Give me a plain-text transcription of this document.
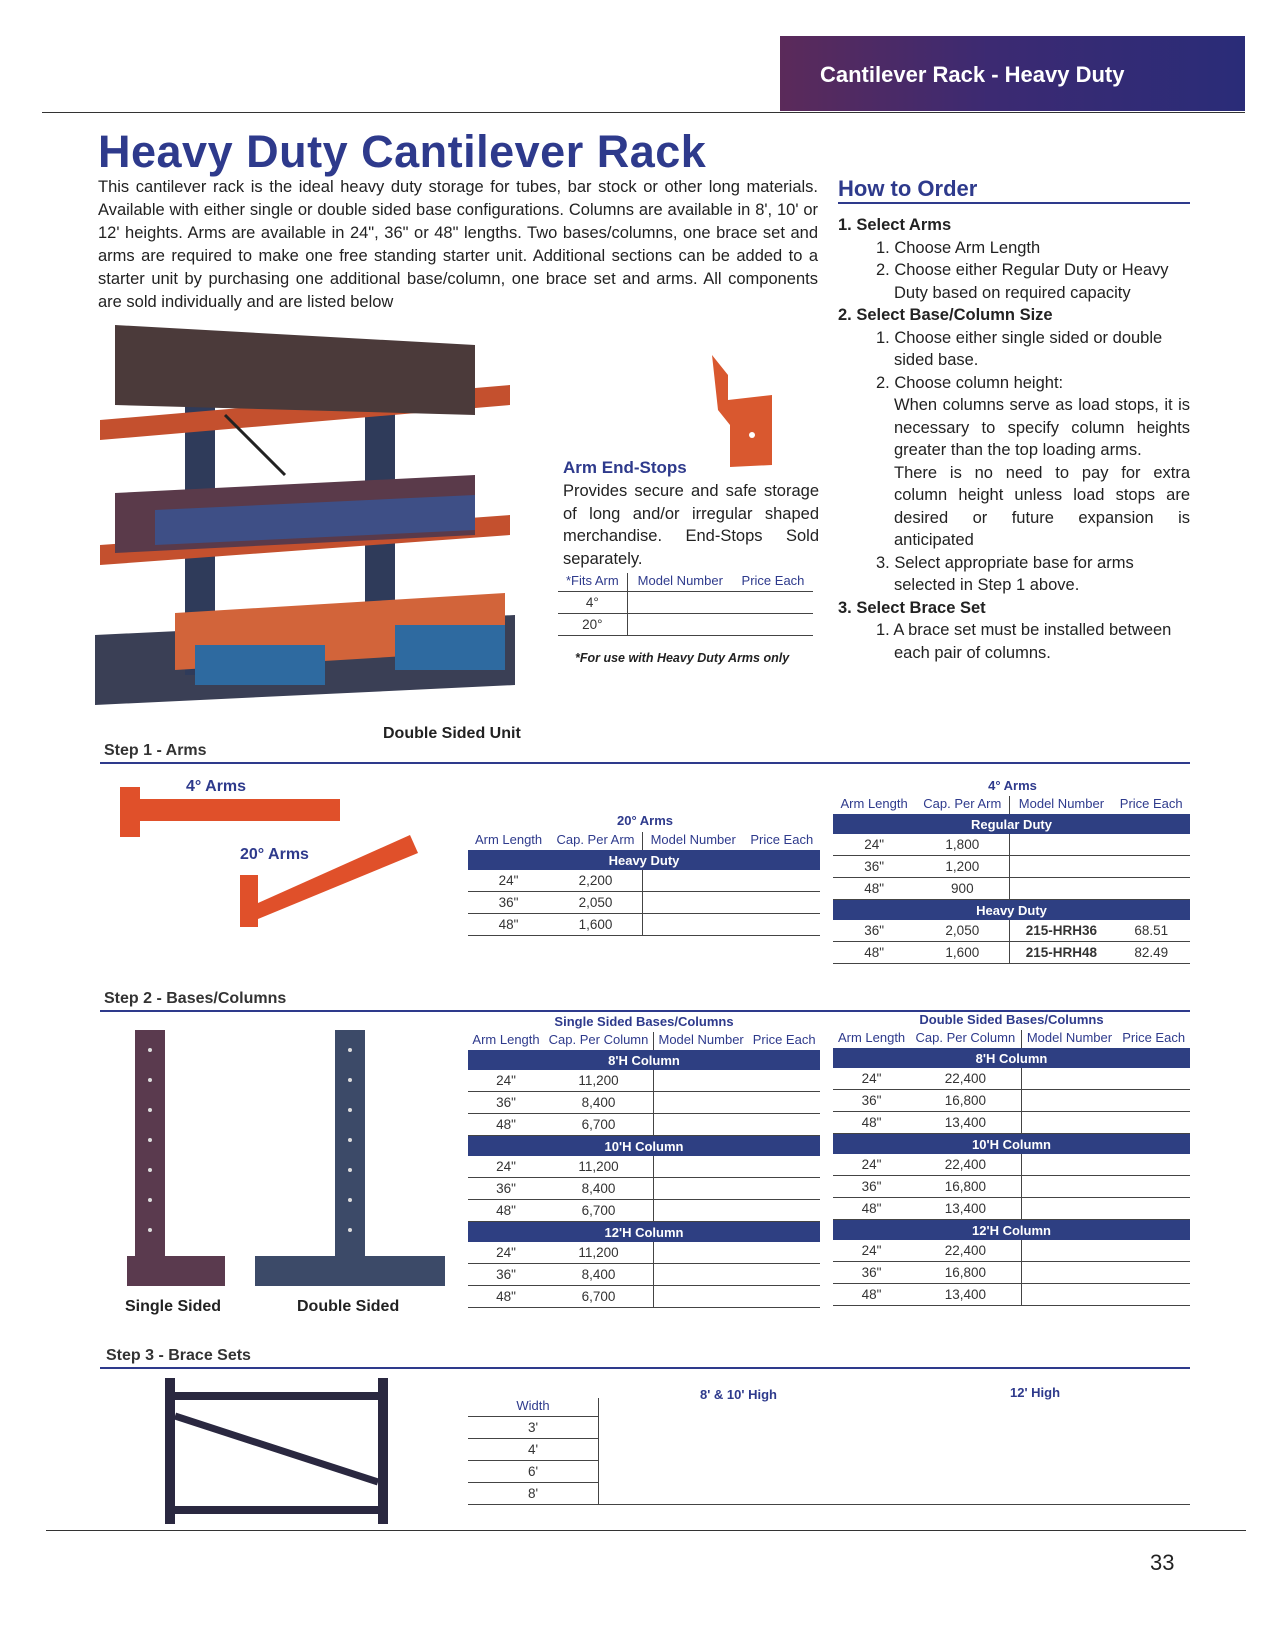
Cantilever Rack - Heavy Duty
Heavy Duty Cantilever Rack
This cantilever rack is the ideal heavy duty storage for tubes, bar stock or other long materials. Available with either single or double sided base configurations. Columns are available in 8', 10' or 12' heights. Arms are available in 24", 36" or 48" lengths. Two bases/columns, one brace set and arms are required to make one free standing starter unit. Additional sections can be added to a starter unit by purchasing one additional base/column, one brace set and arms. All components are sold individually and are listed below
How to Order
1. Select Arms
1. Choose Arm Length
2. Choose either Regular Duty or Heavy Duty based on required capacity
2. Select Base/Column Size
1. Choose either single sided or double sided base.
2. Choose column height:
When columns serve as load stops, it is necessary to specify column heights greater than the top loading arms.
There is no need to pay for extra column height unless load stops are desired or future expansion is anticipated
3. Select appropriate base for arms selected in Step 1 above.
3. Select Brace Set
1. A brace set must be installed between each pair of columns.
Double Sided Unit
Arm End-Stops
Provides secure and safe storage of long and/or irregular shaped merchandise. End-Stops Sold separately.
*Fits Arm	Model Number	Price Each
4°		
20°		
*For use with Heavy Duty Arms only
Step 1 - Arms
4° Arms
20° Arms
20° Arms
Arm Length	Cap. Per Arm	Model Number	Price Each
Heavy Duty			
24"	2,200		
36"	2,050		
48"	1,600		
4° Arms
Arm Length	Cap. Per Arm	Model Number	Price Each
Regular Duty			
24"	1,800		
36"	1,200		
48"	900		
Heavy Duty			
36"	2,050	215-HRH36	68.51
48"	1,600	215-HRH48	82.49
Step 2 - Bases/Columns
Single Sided	Double Sided
Single Sided Bases/Columns
Arm Length	Cap. Per Column	Model Number	Price Each
8'H Column			
24"	11,200		
36"	8,400		
48"	6,700		
10'H Column			
24"	11,200		
36"	8,400		
48"	6,700		
12'H Column			
24"	11,200		
36"	8,400		
48"	6,700		
Double Sided Bases/Columns
Arm Length	Cap. Per Column	Model Number	Price Each
8'H Column			
24"	22,400		
36"	16,800		
48"	13,400		
10'H Column			
24"	22,400		
36"	16,800		
48"	13,400		
12'H Column			
24"	22,400		
36"	16,800		
48"	13,400		
Step 3 - Brace Sets
8' & 10' High	12' High
Width	
3'	
4'	
6'	
8'	
33
